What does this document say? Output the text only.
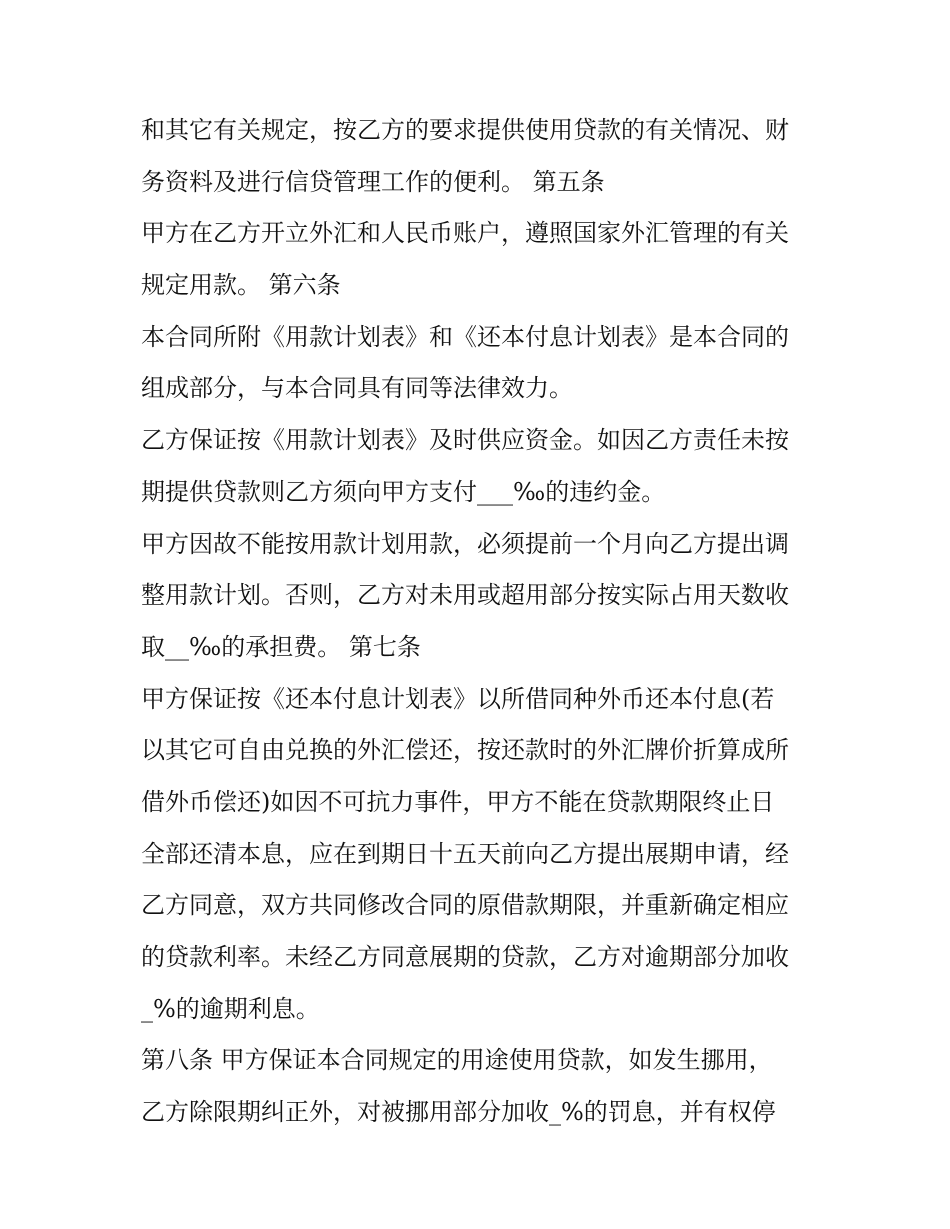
和其它有关规定，按乙方的要求提供使用贷款的有关情况、财
务资料及进行信贷管理工作的便利。 第五条
甲方在乙方开立外汇和人民币账户，遵照国家外汇管理的有关
规定用款。 第六条
本合同所附《用款计划表》和《还本付息计划表》是本合同的
组成部分，与本合同具有同等法律效力。
乙方保证按《用款计划表》及时供应资金。如因乙方责任未按
期提供贷款则乙方须向甲方支付___‰的违约金。
甲方因故不能按用款计划用款，必须提前一个月向乙方提出调
整用款计划。否则，乙方对未用或超用部分按实际占用天数收
取__‰的承担费。 第七条
甲方保证按《还本付息计划表》以所借同种外币还本付息(若
以其它可自由兑换的外汇偿还，按还款时的外汇牌价折算成所
借外币偿还)如因不可抗力事件，甲方不能在贷款期限终止日
全部还清本息，应在到期日十五天前向乙方提出展期申请，经
乙方同意，双方共同修改合同的原借款期限，并重新确定相应
的贷款利率。未经乙方同意展期的贷款，乙方对逾期部分加收
_%的逾期利息。
第八条 甲方保证本合同规定的用途使用贷款，如发生挪用，
乙方除限期纠正外，对被挪用部分加收_%的罚息，并有权停
